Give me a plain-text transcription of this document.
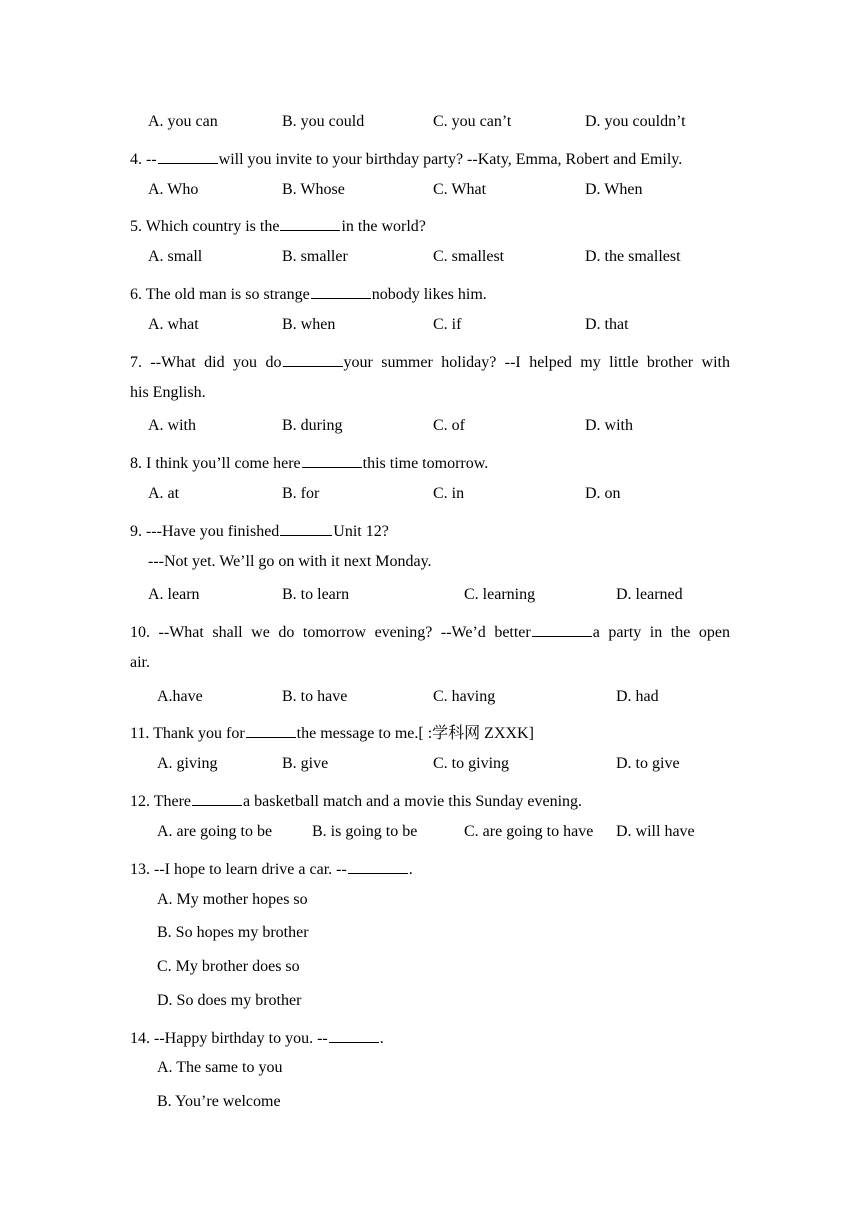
A. you can	B. you could	C. you can’t	D. you couldn’t
4. --	will you invite to your birthday party? --Katy, Emma, Robert and Emily.
A. Who	B. Whose	C. What	D. When
5. Which country is the	in the world?
A. small	B. smaller	C. smallest	D. the smallest
6. The old man is so strange	nobody likes him.
A. what	B. when	C. if	D. that
7. --What did you do	your summer holiday? --I helped my little brother with
his English.
A. with	B. during	C. of	D. with
8. I think you’ll come here	this time tomorrow.
A. at	B. for	C. in	D. on
9. ---Have you finished	Unit 12?
---Not yet. We’ll go on with it next Monday.
A. learn	B. to learn	C. learning	D. learned
10. --What shall we do tomorrow evening? --We’d better	a party in the open
air.
A.have	B. to have	C. having	D. had
11. Thank you for	the message to me.[ :学科网 ZXXK]
A. giving	B. give	C. to giving	D. to give
12. There	a basketball match and a movie this Sunday evening.
A. are going to be B. is going to be	C. are going to have D. will have
13. --I hope to learn drive a car. --	.
A. My mother hopes so
B. So hopes my brother
C. My brother does so
D. So does my brother
14. --Happy birthday to you. --	.
A. The same to you
B. You’re welcome
